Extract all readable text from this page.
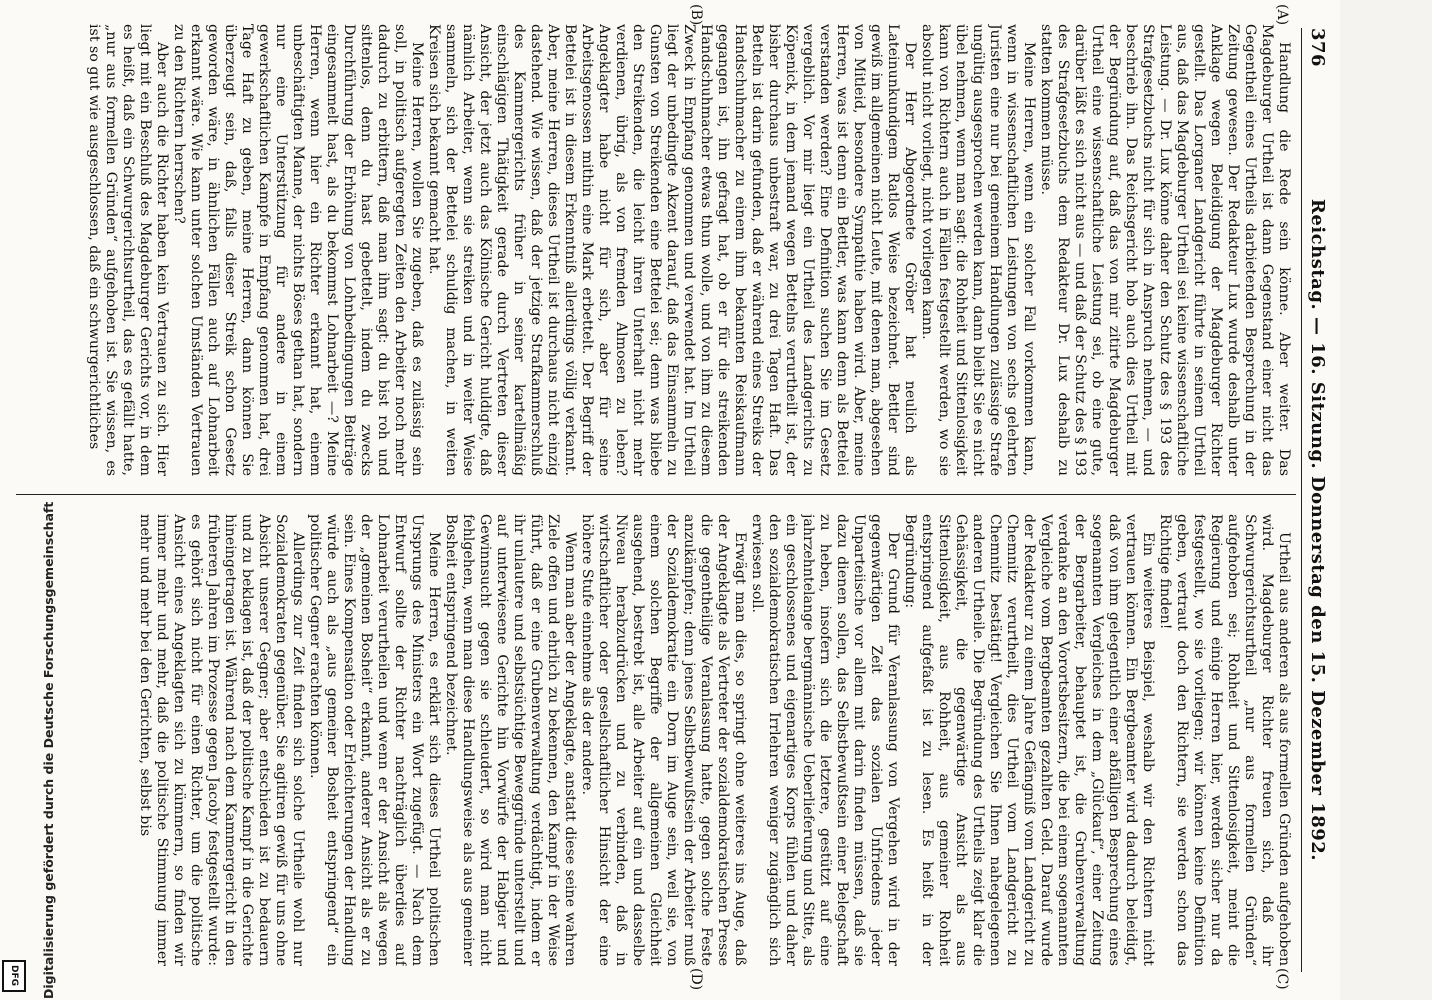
376
Reichstag. — 16. Sitzung. Donnerstag den 15. Dezember 1892.
(A)
(B)
(C)
(D)

Handlung die Rede sein könne. Aber weiter. Das Magdeburger Urtheil ist dann Gegenstand einer nicht das Gegentheil eines Urtheils darbietenden Besprechung in der Zeitung gewesen. Der Redakteur Lux wurde deshalb unter Anklage wegen Beleidigung der Magdeburger Richter gestellt. Das Lorganer Landgericht führte in seinem Urtheil aus, daß das Magdeburger Urtheil sei keine wissenschaftliche Leistung. — Dr. Lux könne daher den Schutz des § 193 des Strafgesetzbuchs nicht für sich in Anspruch nehmen, — und beschrieb ihn. Das Reichsgericht hob auch dies Urtheil mit der Begründung auf, daß das von mir zitirte Magdeburger Urtheil eine wissenschaftliche Leistung sei, ob eine gute, darüber läßt es sich nicht aus — und daß der Schutz des § 193 des Strafgesetzbuchs dem Redakteur Dr. Lux deshalb zu statten kommen müsse.

Meine Herren, wenn ein solcher Fall vorkommen kann, wenn in wissenschaftlichen Leistungen von sechs gelehrten Juristen eine nur bei gemeinem Handlungen zulässige Strafe ungültig ausgesprochen werden kann, dann bleibt Sie es nicht übel nehmen, wenn man sagt: die Rohheit und Sittenlosigkeit kann von Richtern auch in Fällen festgestellt werden, wo sie absolut nicht vorliegt, nicht vorliegen kann.

Der Herr Abgeordnete Gröber hat neulich als Lateinunkundigem Ratlos Weise bezeichnet. Bettler sind gewiß im allgemeinen nicht Leute, mit denen man, abgesehen von Mitleid, besondere Sympathie haben wird. Aber, meine Herren, was ist denn ein Bettler, was kann denn als Bettelei verstanden werden? Eine Definition suchen Sie im Gesetz vergeblich. Vor mir liegt ein Urtheil des Landgerichts zu Köpenick, in dem jemand wegen Bettelns verurtheilt ist, der bisher durchaus unbestraft war, zu drei Tagen Haft. Das Betteln ist darin gefunden, daß er während eines Streiks der Handschuhmacher zu einem ihm bekannten Reiskaufmann gegangen ist, ihn gefragt hat, ob er für die streikenden Handschuhmacher etwas thun wolle, und von ihm zu diesem Zweck in Empfang genommen und verwendet hat. Im Urtheil liegt der unbedingte Akzent darauf, daß das Einsammeln zu Gunsten von Streikenden eine Bettelei sei; denn was bliebe den Streikenden, die leicht ihren Unterhalt nicht mehr verdienen, übrig, als von fremden Almosen zu leben? Angeklagter habe nicht für sich, aber für seine Arbeitsgenossen mithin eine Mark erbettelt. Der Begriff der Bettelei ist in diesem Erkenntniß allerdings völlig verkannt. Aber, meine Herren, dieses Urtheil ist durchaus nicht einzig dastehend. Wie wissen, daß der jetzige Strafkammerschluß des Kammergerichts früher in seiner kartellmäßig einschlägigen Thätigkeit gerade durch Vertreten dieser Ansicht, der jetzt auch das Kölnische Gericht huldigte, daß nämlich Arbeiter, wenn sie streiken und in weiter Weise sammeln, sich der Bettelei schuldig machen, in weiten Kreisen sich bekannt gemacht hat.

Meine Herren, wollen Sie zugeben, daß es zulässig sein soll, in politisch aufgeregten Zeiten den Arbeiter noch mehr dadurch zu erbittern, daß man ihm sagt: du bist roh und sittenlos, denn du hast gebettelt, indem du zwecks Durchführung der Erhöhung von Lohnbedingungen Beiträge eingesammelt hast, als du bekommst Lohnarbeit —? Meine Herren, wenn hier ein Richter erkannt hat, einem unbeschäftigten Manne, der nichts Böses gethan hat, sondern nur eine Unterstützung für andere in einem gewerkschaftlichen Kampfe in Empfang genommen hat, drei Tage Haft zu geben, meine Herren, dann können Sie überzeugt sein, daß, falls dieser Streik schon Gesetz geworden wäre, in ähnlichen Fällen auch auf Lohnarbeit erkannt wäre. Wie kann unter solchen Umständen Vertrauen zu den Richtern herrschen?

Aber auch die Richter haben kein Vertrauen zu sich. Hier liegt mit ein Beschluß des Magdeburger Gerichts vor, in dem es heißt, daß ein Schwurgerichtsurtheil, das es gefällt hatte, „nur aus formellen Gründen“ aufgehoben ist. Sie wissen, es ist so gut wie ausgeschlossen, daß ein schwurgerichtliches

Urtheil aus anderen als aus formellen Gründen aufgehoben wird. Magdeburger Richter freuen sich, daß ihr Schwurgerichtsurtheil „nur aus formellen Gründen“ aufgehoben sei; Rohheit und Sittenlosigkeit, meint die Regierung und einige Herren hier, werden sicher nur da festgestellt, wo sie vorliegen; wir können keine Definition geben, vertraut doch den Richtern, sie werden schon das Richtige finden!

Ein weiteres Beispiel, weshalb wir den Richtern nicht vertrauen können. Ein Bergbeamter wird dadurch beleidigt, daß von ihm gelegentlich einer abfälligen Besprechung eines sogenannten Vergleiches in dem „Glückauf“, einer Zeitung der Bergarbeiter, behauptet ist, die Grubenverwaltung verdanke an den Vorortsbesitzern, die bei einem sogenannten Vergleiche vom Bergbeamten gezahlten Geld. Darauf wurde der Redakteur zu einem Jahre Gefängniß vom Landgericht zu Chemnitz verurtheilt, dies Urtheil vom Landgericht zu Chemnitz bestätigt! Vergleichen Sie Ihnen nahegelegenen anderen Urtheile. Die Begründung des Urtheils zeigt klar die Gehässigkeit, die gegenwärtige Ansicht als aus Sittenlosigkeit, aus Rohheit, aus gemeiner Rohheit entspringend aufgefaßt ist zu lesen. Es heißt in der Begründung:

Der Grund für Veranlassung von Vergehen wird in der gegenwärtigen Zeit das sozialen Unfriedens jeder Unparteiische vor allem mit darin finden müssen, daß sie dazu dienen sollen, das Selbstbewußtsein einer Belegschaft zu heben, insofern sich die letztere, gestützt auf eine jahrzehntelange bergmännische Ueberlieferung und Sitte, als ein geschlossenes und eigenartiges Korps fühlen und daher den sozialdemokratischen Irrlehren weniger zugänglich sich erwiesen soll.

Erwägt man dies, so springt ohne weiteres ins Auge, daß der Angeklagte als Vertreter der sozialdemokratischen Presse die gegentheilige Veranlassung hatte, gegen solche Feste anzukämpfen; denn jenes Selbstbewußtsein der Arbeiter muß der Sozialdemokratie ein Dorn im Auge sein, weil sie, von einem solchen Begriffe der allgemeinen Gleichheit ausgehend, bestrebt ist, alle Arbeiter auf ein und dasselbe Niveau herabzudrücken und zu verbinden, daß in wirtschaftlicher oder gesellschaftlicher Hinsicht der eine höhere Stufe einnehme als der andere.

Wenn man aber der Angeklagte, anstatt diese seine wahren Ziele offen und ehrlich zu bekennen, den Kampf in der Weise führt, daß er eine Grubenverwaltung verdächtigt, indem er ihr unlautere und selbstsüchtige Beweggründe unterstellt und auf unterwiesene Gerichte hin Vorwürfe der Habgier und Gewinnsucht gegen sie schleudert, so wird man nicht fehlgehen, wenn man diese Handlungsweise als aus gemeiner Bosheit entspringend bezeichnet.

Meine Herren, es erklärt sich dieses Urtheil politischen Ursprungs des Ministers ein Wort zugefügt. — Nach dem Entwurf sollte der Richter nachträglich überdies auf Lohnarbeit verurtheilen und wenn er der Ansicht als wegen der „gemeinen Bosheit“ erkannt, anderer Ansicht als er zu sein. Eines Kompensation oder Erleichterungen der Handlung würde auch als „aus gemeiner Bosheit entspringend“ ein politischer Gegner erachten können.

Allerdings zur Zeit finden sich solche Urtheile wohl nur Sozialdemokraten gegenüber. Sie agitiren gewiß für uns ohne Absicht unserer Gegner; aber entschieden ist zu bedauern und zu beklagen ist, daß der politische Kampf in die Gerichte hineingetragen ist. Während nach dem Kammergericht in den früheren Jahren im Prozesse gegen Jacoby festgestellt wurde: es gehört sich nicht für einen Richter, um die politische Ansicht eines Angeklagten sich zu kümmern, so finden wir immer mehr und mehr, daß die politische Stimmung immer mehr und mehr bei den Gerichten, selbst bis

Digitalisierung gefördert durch die Deutsche Forschungsgemeinschaft
DFG
